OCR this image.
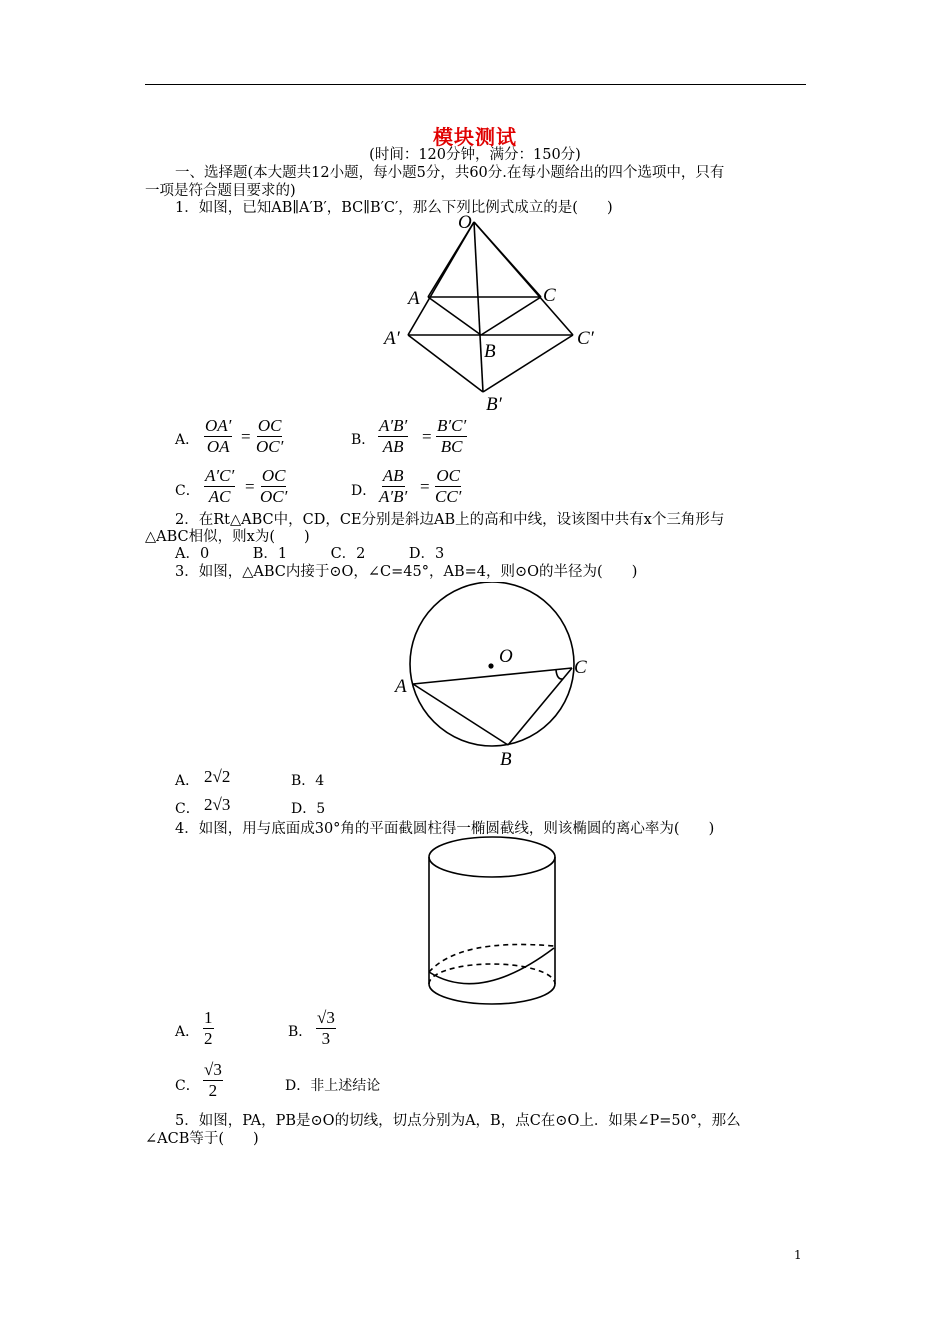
模块测试
(时间：120分钟，满分：150分)
一、选择题(本大题共12小题，每小题5分，共60分.在每小题给出的四个选项中，只有
一项是符合题目要求的)
1．如图，已知AB∥A′B′，BC∥B′C′，那么下列比例式成立的是(　　)
O
A	C
A′
B
C′
B′
A． $\frac{OA'}{OA} = \frac{OC}{OC'}$	B． $\frac{A'B'}{AB} = \frac{B'C'}{BC}$
C． $\frac{A'C'}{AC} = \frac{OC}{OC'}$	D． $\frac{AB}{A'B'} = \frac{OC}{CC'}$
2．在Rt△ABC中，CD，CE分别是斜边AB上的高和中线，设该图中共有x个三角形与
△ABC相似，则x为(　　)
A．0　　　B．1　　　C．2　　　D．3
3．如图，△ABC内接于⊙O，∠C=45°，AB=4，则⊙O的半径为(　　)
O
A
C
B
A． 2√2	B．4
C． 2√3	D．5
4．如图，用与底面成30°角的平面截圆柱得一椭圆截线，则该椭圆的离心率为(　　)
A． $\frac{1}{2}$	B． $\frac{√3}{3}$
C． $\frac{√3}{2}$	D．非上述结论
5．如图，PA，PB是⊙O的切线，切点分别为A，B，点C在⊙O上．如果∠P=50°，那么
∠ACB等于(　　)
1
